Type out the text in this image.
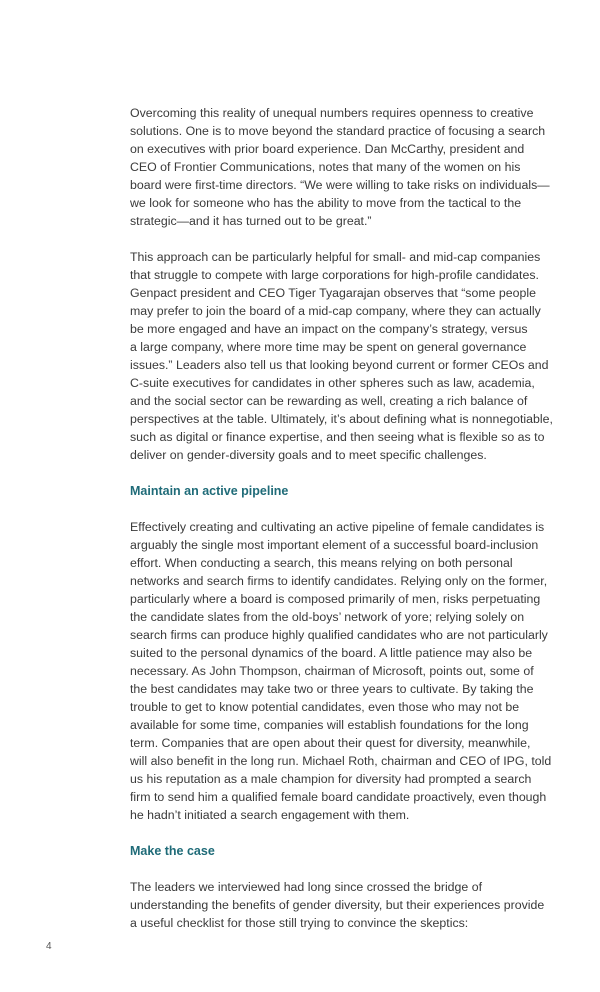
Overcoming this reality of unequal numbers requires openness to creative
solutions. One is to move beyond the standard practice of focusing a search
on executives with prior board experience. Dan McCarthy, president and
CEO of Frontier Communications, notes that many of the women on his
board were first-time directors. “We were willing to take risks on individuals—
we look for someone who has the ability to move from the tactical to the
strategic—and it has turned out to be great.”

This approach can be particularly helpful for small- and mid-cap companies
that struggle to compete with large corporations for high-profile candidates.
Genpact president and CEO Tiger Tyagarajan observes that “some people
may prefer to join the board of a mid-cap company, where they can actually
be more engaged and have an impact on the company’s strategy, versus
a large company, where more time may be spent on general governance
issues.” Leaders also tell us that looking beyond current or former CEOs and
C-suite executives for candidates in other spheres such as law, academia,
and the social sector can be rewarding as well, creating a rich balance of
perspectives at the table. Ultimately, it’s about defining what is nonnegotiable,
such as digital or finance expertise, and then seeing what is flexible so as to
deliver on gender-diversity goals and to meet specific challenges.

Maintain an active pipeline

Effectively creating and cultivating an active pipeline of female candidates is
arguably the single most important element of a successful board-inclusion
effort. When conducting a search, this means relying on both personal
networks and search firms to identify candidates. Relying only on the former,
particularly where a board is composed primarily of men, risks perpetuating
the candidate slates from the old-boys’ network of yore; relying solely on
search firms can produce highly qualified candidates who are not particularly
suited to the personal dynamics of the board. A little patience may also be
necessary. As John Thompson, chairman of Microsoft, points out, some of
the best candidates may take two or three years to cultivate. By taking the
trouble to get to know potential candidates, even those who may not be
available for some time, companies will establish foundations for the long
term. Companies that are open about their quest for diversity, meanwhile,
will also benefit in the long run. Michael Roth, chairman and CEO of IPG, told
us his reputation as a male champion for diversity had prompted a search
firm to send him a qualified female board candidate proactively, even though
he hadn’t initiated a search engagement with them.

Make the case

The leaders we interviewed had long since crossed the bridge of
understanding the benefits of gender diversity, but their experiences provide
a useful checklist for those still trying to convince the skeptics:

4
